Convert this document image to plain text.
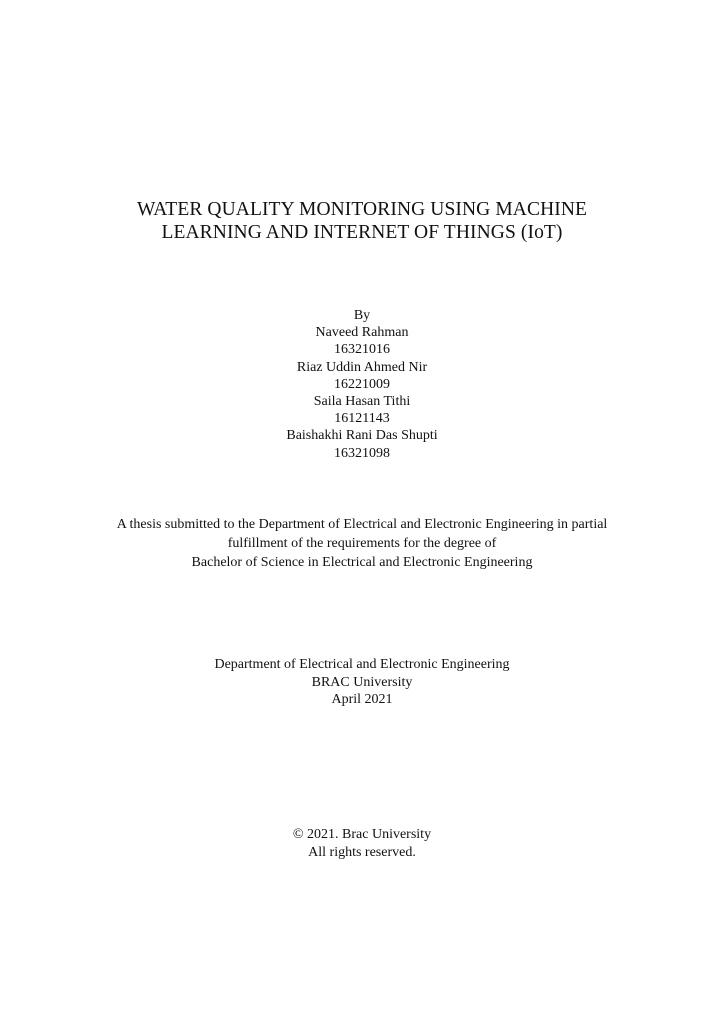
WATER QUALITY MONITORING USING MACHINE
LEARNING AND INTERNET OF THINGS (IoT)
By
Naveed Rahman
16321016
Riaz Uddin Ahmed Nir
16221009
Saila Hasan Tithi
16121143
Baishakhi Rani Das Shupti
16321098
A thesis submitted to the Department of Electrical and Electronic Engineering in partial
fulfillment of the requirements for the degree of
Bachelor of Science in Electrical and Electronic Engineering
Department of Electrical and Electronic Engineering
BRAC University
April 2021
© 2021. Brac University
All rights reserved.
